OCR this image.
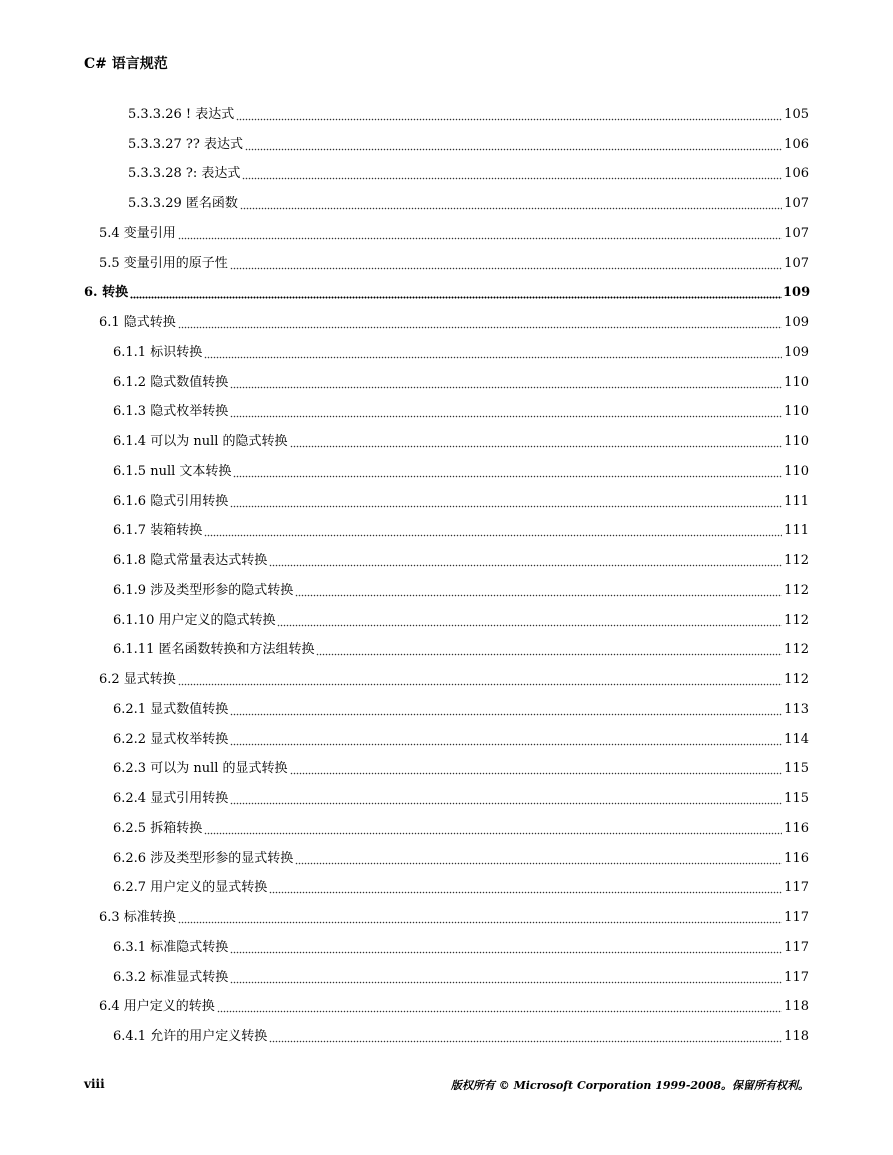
C# 语言规范
5.3.3.26 ! 表达式	105
5.3.3.27 ?? 表达式	106
5.3.3.28 ?: 表达式	106
5.3.3.29 匿名函数	107
5.4 变量引用	107
5.5 变量引用的原子性	107
6. 转换	109
6.1 隐式转换	109
6.1.1 标识转换	109
6.1.2 隐式数值转换	110
6.1.3 隐式枚举转换	110
6.1.4 可以为 null 的隐式转换	110
6.1.5 null 文本转换	110
6.1.6 隐式引用转换	111
6.1.7 装箱转换	111
6.1.8 隐式常量表达式转换	112
6.1.9 涉及类型形参的隐式转换	112
6.1.10 用户定义的隐式转换	112
6.1.11 匿名函数转换和方法组转换	112
6.2 显式转换	112
6.2.1 显式数值转换	113
6.2.2 显式枚举转换	114
6.2.3 可以为 null 的显式转换	115
6.2.4 显式引用转换	115
6.2.5 拆箱转换	116
6.2.6 涉及类型形参的显式转换	116
6.2.7 用户定义的显式转换	117
6.3 标准转换	117
6.3.1 标准隐式转换	117
6.3.2 标准显式转换	117
6.4 用户定义的转换	118
6.4.1 允许的用户定义转换	118
viii	版权所有 © Microsoft Corporation 1999-2008。保留所有权利。
